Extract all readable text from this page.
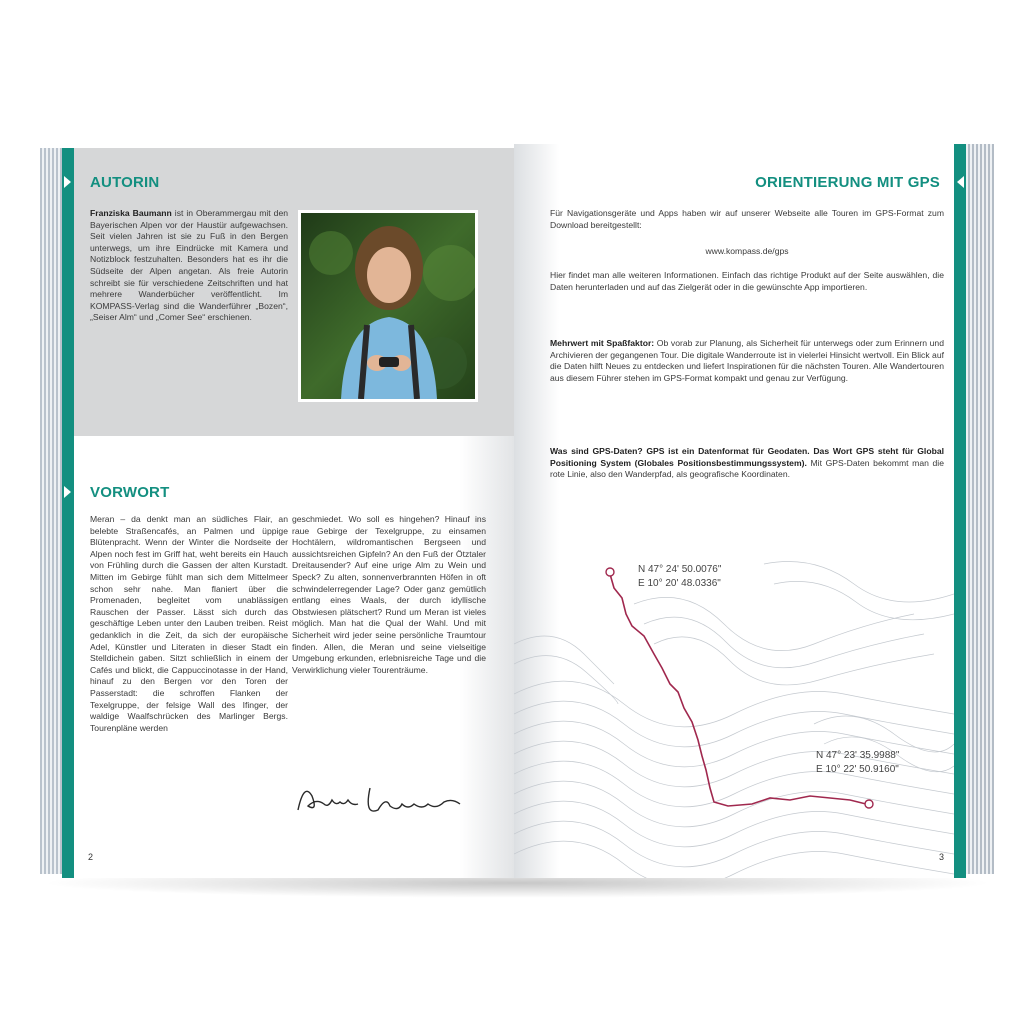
AUTORIN

Franziska Baumann ist in Oberammergau mit den Bayerischen Alpen vor der Haustür aufgewachsen. Seit vielen Jahren ist sie zu Fuß in den Bergen unterwegs, um ihre Eindrücke mit Kamera und Notizblock festzuhalten. Besonders hat es ihr die Südseite der Alpen angetan. Als freie Autorin schreibt sie für verschiedene Zeitschriften und hat mehrere Wanderbücher veröffentlicht. Im KOMPASS-Verlag sind die Wanderführer „Bozen“, „Seiser Alm“ und „Comer See“ erschienen.

VORWORT

Meran – da denkt man an südliches Flair, an belebte Straßencafés, an Palmen und üppige Blütenpracht. Wenn der Winter die Nordseite der Alpen noch fest im Griff hat, weht bereits ein Hauch von Frühling durch die Gassen der alten Kurstadt. Mitten im Gebirge fühlt man sich dem Mittelmeer schon sehr nahe. Man flaniert über die Promenaden, begleitet vom unablässigen Rauschen der Passer. Lässt sich durch das geschäftige Leben unter den Lauben treiben. Reist gedanklich in die Zeit, da sich der europäische Adel, Künstler und Literaten in dieser Stadt ein Stelldichein gaben. Sitzt schließlich in einem der Cafés und blickt, die Cappuccinotasse in der Hand, hinauf zu den Bergen vor den Toren der Passerstadt: die schroffen Flanken der Texelgruppe, der felsige Wall des Ifinger, der waldige Waalfschrücken des Marlinger Bergs. Tourenpläne werden

geschmiedet. Wo soll es hingehen? Hinauf ins raue Gebirge der Texelgruppe, zu einsamen Hochtälern, wildromantischen Bergseen und aussichtsreichen Gipfeln? An den Fuß der Ötztaler Dreitausender? Auf eine urige Alm zu Wein und Speck? Zu alten, sonnenverbrannten Höfen in oft schwindelerregender Lage? Oder ganz gemütlich entlang eines Waals, der durch idyllische Obstwiesen plätschert? Rund um Meran ist vieles möglich. Man hat die Qual der Wahl. Und mit Sicherheit wird jeder seine persönliche Traumtour finden. Allen, die Meran und seine vielseitige Umgebung erkunden, erlebnisreiche Tage und die Verwirklichung vieler Tourenträume.

2
ORIENTIERUNG MIT GPS

Für Navigationsgeräte und Apps haben wir auf unserer Webseite alle Touren im GPS-Format zum Download bereitgestellt:

www.kompass.de/gps

Hier findet man alle weiteren Informationen. Einfach das richtige Produkt auf der Seite auswählen, die Daten herunterladen und auf das Zielgerät oder in die gewünschte App importieren.

Mehrwert mit Spaßfaktor: Ob vorab zur Planung, als Sicherheit für unterwegs oder zum Erinnern und Archivieren der gegangenen Tour. Die digitale Wanderroute ist in vielerlei Hinsicht wertvoll. Ein Blick auf die Daten hilft Neues zu entdecken und liefert Inspirationen für die nächsten Touren. Alle Wandertouren aus diesem Führer stehen im GPS-Format kompakt und genau zur Verfügung.

Was sind GPS-Daten? GPS ist ein Datenformat für Geodaten. Das Wort GPS steht für Global Positioning System (Globales Positionsbestimmungssystem). Mit GPS-Daten bekommt man die rote Linie, also den Wanderpfad, als geografische Koordinaten.

N 47° 24' 50.0076"
E 10° 20' 48.0336"
N 47° 23' 35.9988"
E 10° 22' 50.9160"
3
